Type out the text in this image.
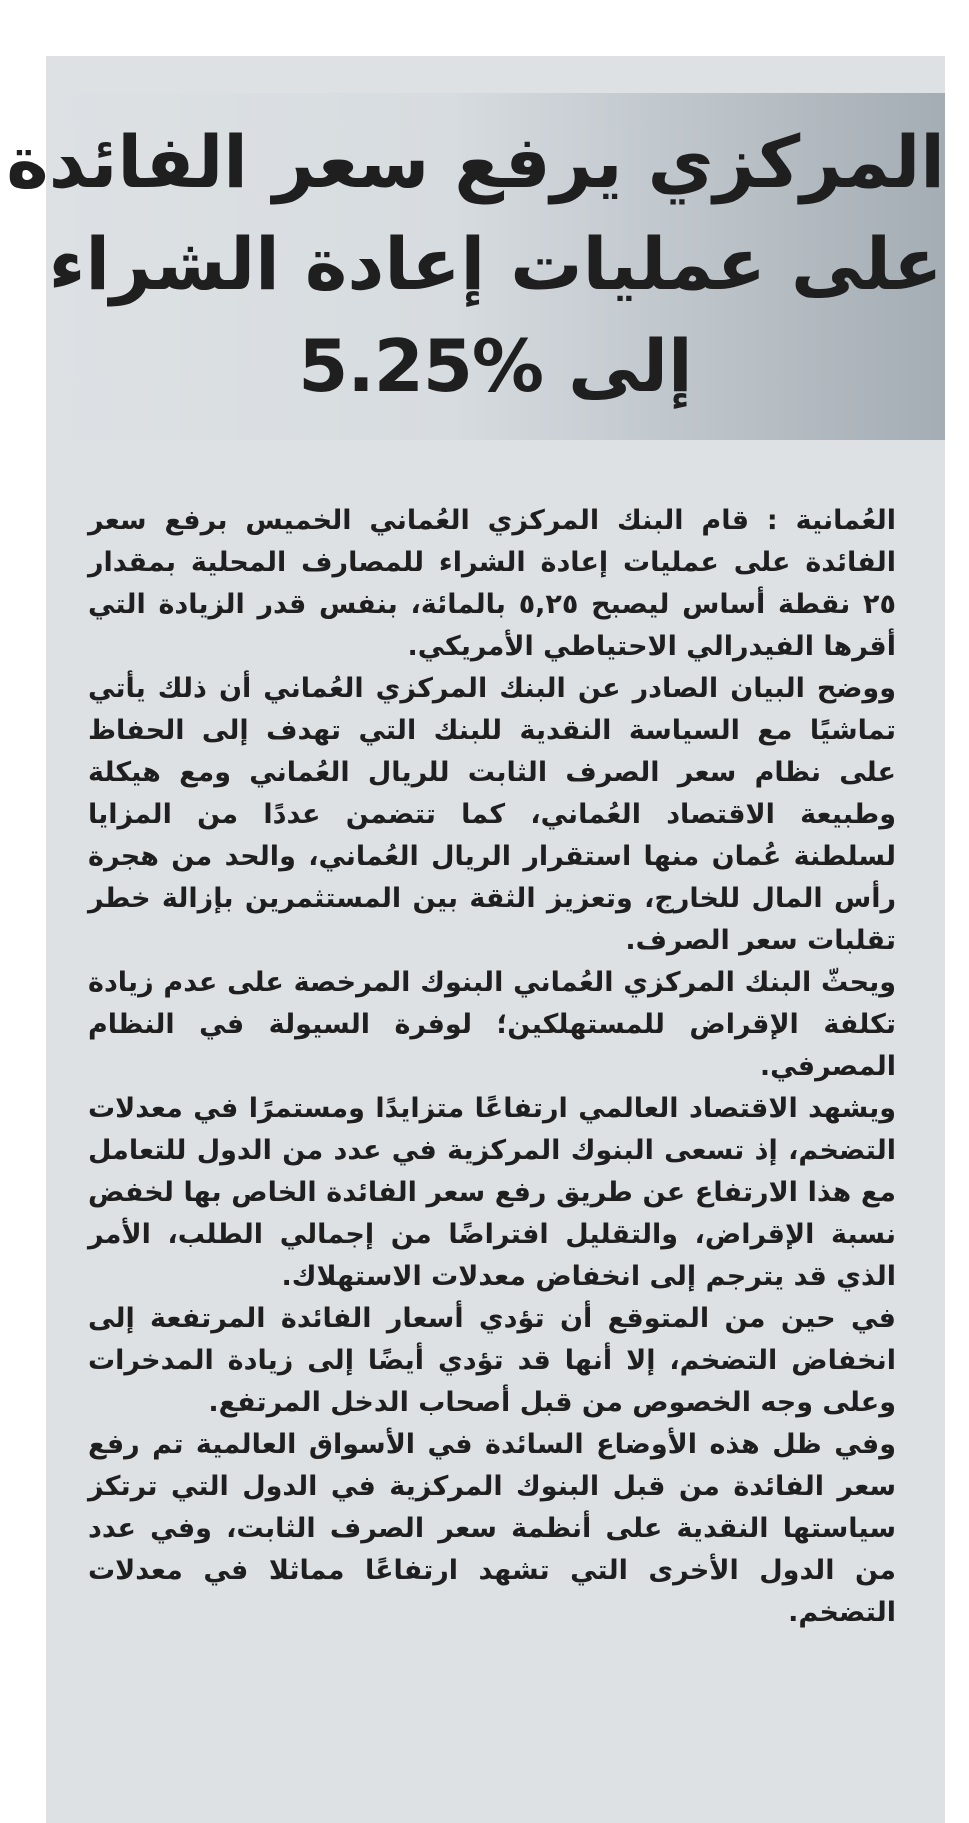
المركزي يرفع سعر الفائدة
على عمليات إعادة الشراء
إلى 5.25%

العُمانية : قام البنك المركزي العُماني الخميس برفع سعر الفائدة على عمليات إعادة الشراء للمصارف المحلية بمقدار ٢٥ نقطة أساس ليصبح ٥,٢٥ بالمائة، بنفس قدر الزيادة التي أقرها الفيدرالي الاحتياطي الأمريكي.

ووضح البيان الصادر عن البنك المركزي العُماني أن ذلك يأتي تماشيًا مع السياسة النقدية للبنك التي تهدف إلى الحفاظ على نظام سعر الصرف الثابت للريال العُماني ومع هيكلة وطبيعة الاقتصاد العُماني، كما تتضمن عددًا من المزايا لسلطنة عُمان منها استقرار الريال العُماني، والحد من هجرة رأس المال للخارج، وتعزيز الثقة بين المستثمرين بإزالة خطر تقلبات سعر الصرف.

ويحثّ البنك المركزي العُماني البنوك المرخصة على عدم زيادة تكلفة الإقراض للمستهلكين؛ لوفرة السيولة في النظام المصرفي.

ويشهد الاقتصاد العالمي ارتفاعًا متزايدًا ومستمرًا في معدلات التضخم، إذ تسعى البنوك المركزية في عدد من الدول للتعامل مع هذا الارتفاع عن طريق رفع سعر الفائدة الخاص بها لخفض نسبة الإقراض، والتقليل افتراضًا من إجمالي الطلب، الأمر الذي قد يترجم إلى انخفاض معدلات الاستهلاك.

في حين من المتوقع أن تؤدي أسعار الفائدة المرتفعة إلى انخفاض التضخم، إلا أنها قد تؤدي أيضًا إلى زيادة المدخرات وعلى وجه الخصوص من قبل أصحاب الدخل المرتفع.

وفي ظل هذه الأوضاع السائدة في الأسواق العالمية تم رفع سعر الفائدة من قبل البنوك المركزية في الدول التي ترتكز سياستها النقدية على أنظمة سعر الصرف الثابت، وفي عدد من الدول الأخرى التي تشهد ارتفاعًا مماثلا في معدلات التضخم.
